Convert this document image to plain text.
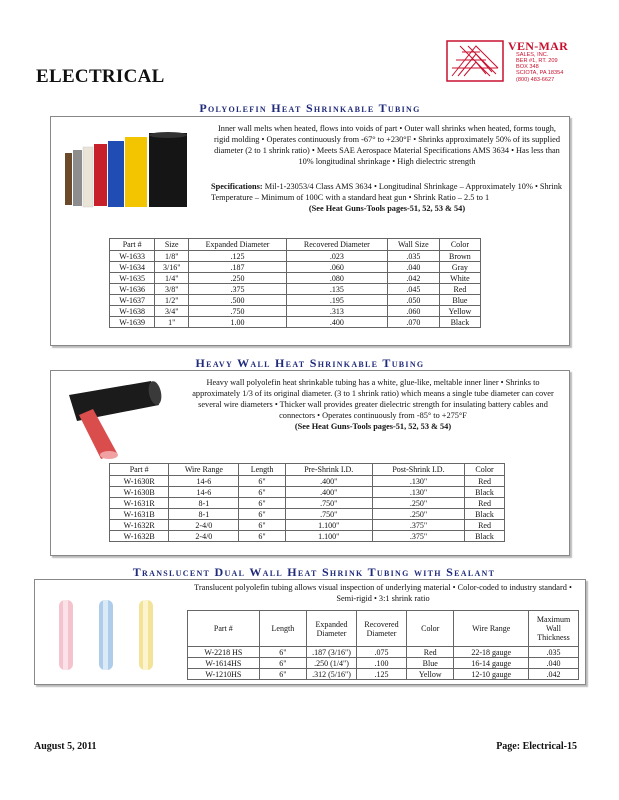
ELECTRICAL
VEN-MAR
SALES, INC.
BER #1, RT. 209
BOX 348
SCIOTA, PA 18354
(800) 483-6627
Polyolefin Heat Shrinkable Tubing

Inner wall melts when heated, flows into voids of part • Outer wall shrinks when heated, forms tough, rigid molding • Operates continuously from -67° to +230°F • Shrinks approximately 50% of its supplied diameter (2 to 1 shrink ratio) • Meets SAE Aerospace Material Specifications AMS 3634 • Has less than 10% longitudinal shrinkage • High dielectric strength

Specifications: Mil-1-23053/4 Class AMS 3634 • Longitudinal Shrinkage – Approximately 10% • Shrink Temperature – Minimum of 100C with a standard heat gun • Shrink Ratio – 2.5 to 1

(See Heat Guns-Tools pages-51, 52, 53 & 54)

Part #	Size	Expanded Diameter	Recovered Diameter	Wall Size	Color
W-1633	1/8"	.125	.023	.035	Brown
W-1634	3/16"	.187	.060	.040	Gray
W-1635	1/4"	.250	.080	.042	White
W-1636	3/8"	.375	.135	.045	Red
W-1637	1/2"	.500	.195	.050	Blue
W-1638	3/4"	.750	.313	.060	Yellow
W-1639	1"	1.00	.400	.070	Black
Heavy Wall Heat Shrinkable Tubing

Heavy wall polyolefin heat shrinkable tubing has a white, glue-like, meltable inner liner • Shrinks to approximately 1/3 of its original diameter. (3 to 1 shrink ratio) which means a single tube diameter can cover several wire diameters • Thicker wall provides greater dielectric strength for insulating battery cables and connectors • Operates continuously from -85° to +275°F

(See Heat Guns-Tools pages-51, 52, 53 & 54)

Part #	Wire Range	Length	Pre-Shrink I.D.	Post-Shrink I.D.	Color
W-1630R	14-6	6"	.400"	.130"	Red
W-1630B	14-6	6"	.400"	.130"	Black
W-1631R	8-1	6"	.750"	.250"	Red
W-1631B	8-1	6"	.750"	.250"	Black
W-1632R	2-4/0	6"	1.100"	.375"	Red
W-1632B	2-4/0	6"	1.100"	.375"	Black
Translucent Dual Wall Heat Shrink Tubing with Sealant

Translucent polyolefin tubing allows visual inspection of underlying material • Color-coded to industry standard • Semi-rigid • 3:1 shrink ratio

Part #	Length	Expanded Diameter	Recovered Diameter	Color	Wire Range	Maximum Wall Thickness
W-2218 HS	6"	.187 (3/16")	.075	Red	22-18 gauge	.035
W-1614HS	6"	.250 (1/4")	.100	Blue	16-14 gauge	.040
W-1210HS	6"	.312 (5/16")	.125	Yellow	12-10 gauge	.042
August 5, 2011	Page: Electrical-15
